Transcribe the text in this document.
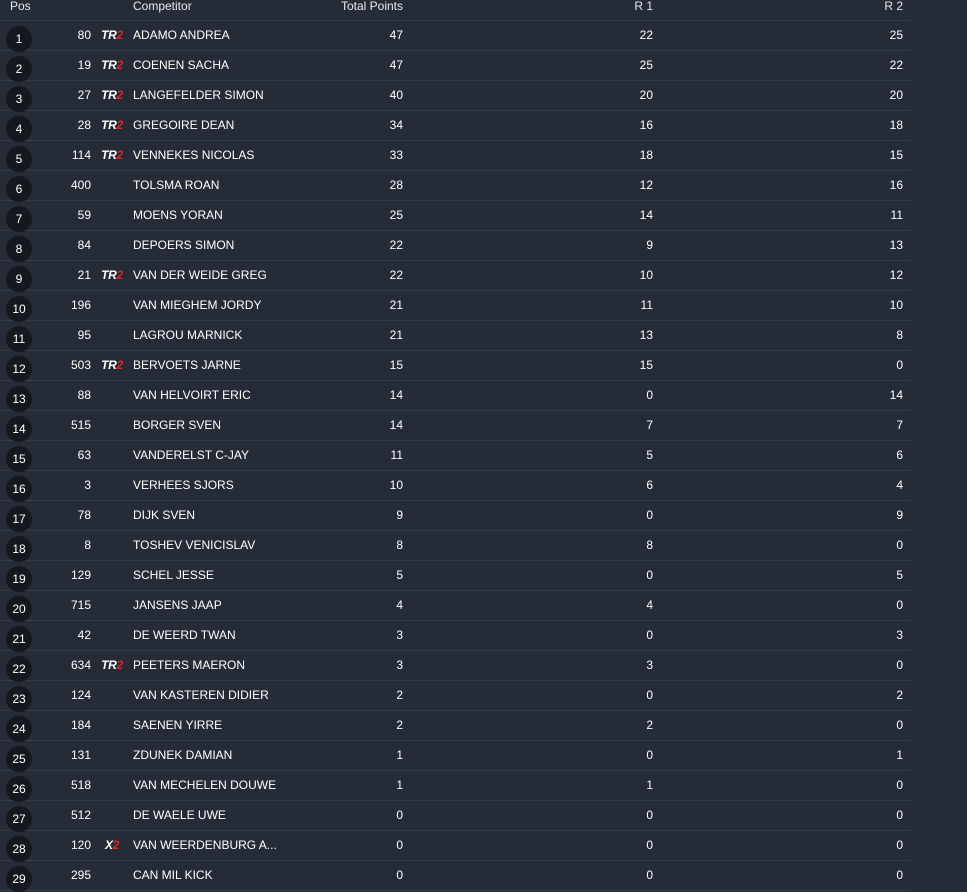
Pos	Competitor	Total Points	R 1	R 2
1	80 TR2 ADAMO ANDREA	47	22	25
2	19 TR2 COENEN SACHA	47	25	22
3	27 TR2 LANGEFELDER SIMON	40	20	20
4	28 TR2 GREGOIRE DEAN	34	16	18
5	114 TR2 VENNEKES NICOLAS	33	18	15
6	400	TOLSMA ROAN	28	12	16
7	59	MOENS YORAN	25	14	11
8	84	DEPOERS SIMON	22	9	13
9	21 TR2 VAN DER WEIDE GREG	22	10	12
10	196	VAN MIEGHEM JORDY	21	11	10
11	95	LAGROU MARNICK	21	13	8
12	503 TR2 BERVOETS JARNE	15	15	0
13	88	VAN HELVOIRT ERIC	14	0	14
14	515	BORGER SVEN	14	7	7
15	63	VANDERELST C-JAY	11	5	6
16	3	VERHEES SJORS	10	6	4
17	78	DIJK SVEN	9	0	9
18	8	TOSHEV VENICISLAV	8	8	0
19	129	SCHEL JESSE	5	0	5
20	715	JANSENS JAAP	4	4	0
21	42	DE WEERD TWAN	3	0	3
22	634 TR2 PEETERS MAERON	3	3	0
23	124	VAN KASTEREN DIDIER	2	0	2
24	184	SAENEN YIRRE	2	2	0
25	131	ZDUNEK DAMIAN	1	0	1
26	518	VAN MECHELEN DOUWE	1	1	0
27	512	DE WAELE UWE	0	0	0
28	120	X2	VAN WEERDENBURG A...	0	0	0
29	295	CAN MIL KICK	0	0	0
